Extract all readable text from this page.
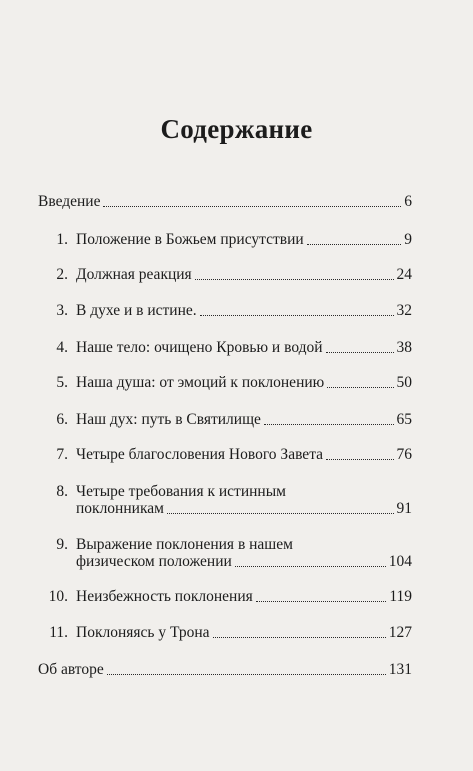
Содержание
Введение	6
1. Положение в Божьем присутствии	9
2. Должная реакция	24
3. В духе и в истине.	32
4. Наше тело: очищено Кровью и водой	38
5. Наша душа: от эмоций к поклонению	50
6. Наш дух: путь в Святилище	65
7. Четыре благословения Нового Завета	76
8. Четыре требования к истинным
поклонникам	91
9. Выражение поклонения в нашем
физическом положении	104
10. Неизбежность поклонения	119
11. Поклоняясь у Трона	127
Об авторе	131
